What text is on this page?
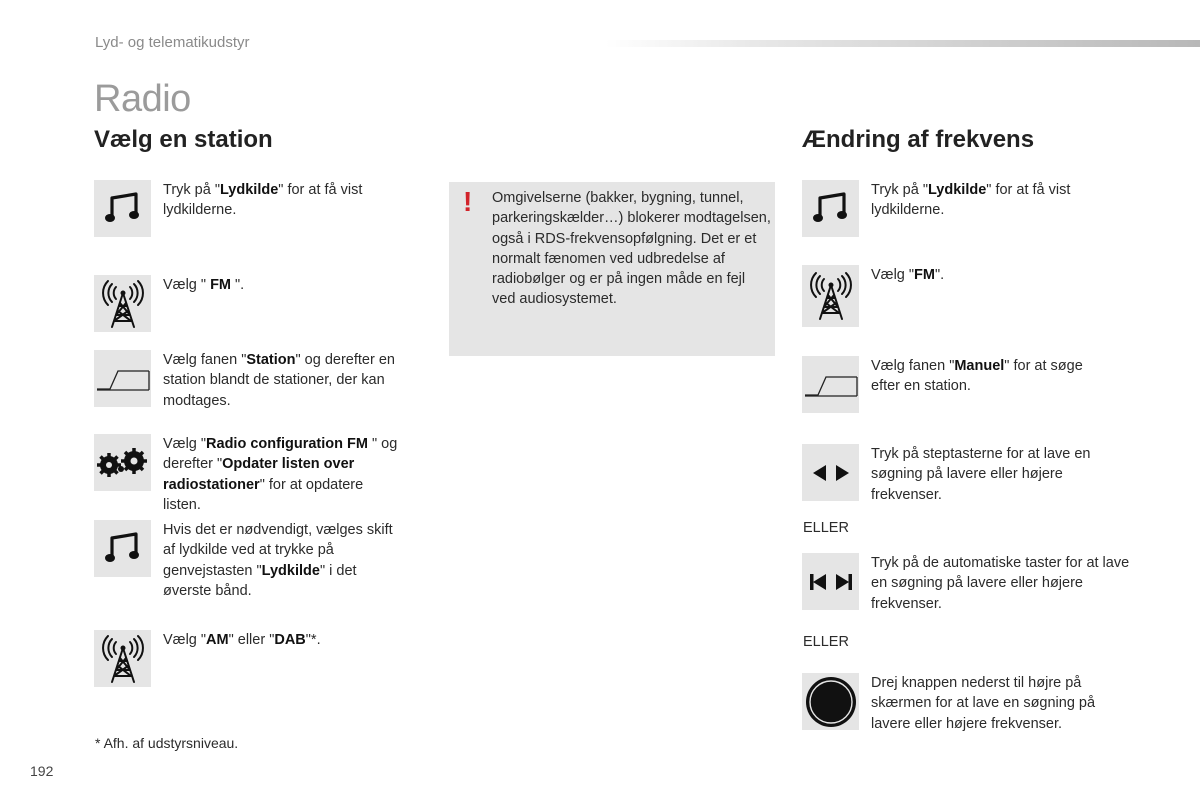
Lyd- og telematikudstyr
Radio
Vælg en station	Ændring af frekvens
Tryk på "Lydkilde" for at få vist lydkilderne.
Vælg " FM ".
Vælg fanen "Station" og derefter en station blandt de stationer, der kan modtages.
Vælg "Radio configuration FM " og derefter "Opdater listen over radiostationer" for at opdatere listen.
Hvis det er nødvendigt, vælges skift af lydkilde ved at trykke på genvejstasten "Lydkilde" i det øverste bånd.
Vælg "AM" eller "DAB"*.
* Afh. af udstyrsniveau.
! Omgivelserne (bakker, bygning, tunnel, parkeringskælder…) blokerer modtagelsen, også i RDS-frekvensopfølgning. Det er et normalt fænomen ved udbredelse af radiobølger og er på ingen måde en fejl ved audiosystemet.
Tryk på "Lydkilde" for at få vist lydkilderne.
Vælg "FM".
Vælg fanen "Manuel" for at søge efter en station.
Tryk på steptasterne for at lave en søgning på lavere eller højere frekvenser.
ELLER
Tryk på de automatiske taster for at lave en søgning på lavere eller højere frekvenser.
ELLER
Drej knappen nederst til højre på skærmen for at lave en søgning på lavere eller højere frekvenser.
192
